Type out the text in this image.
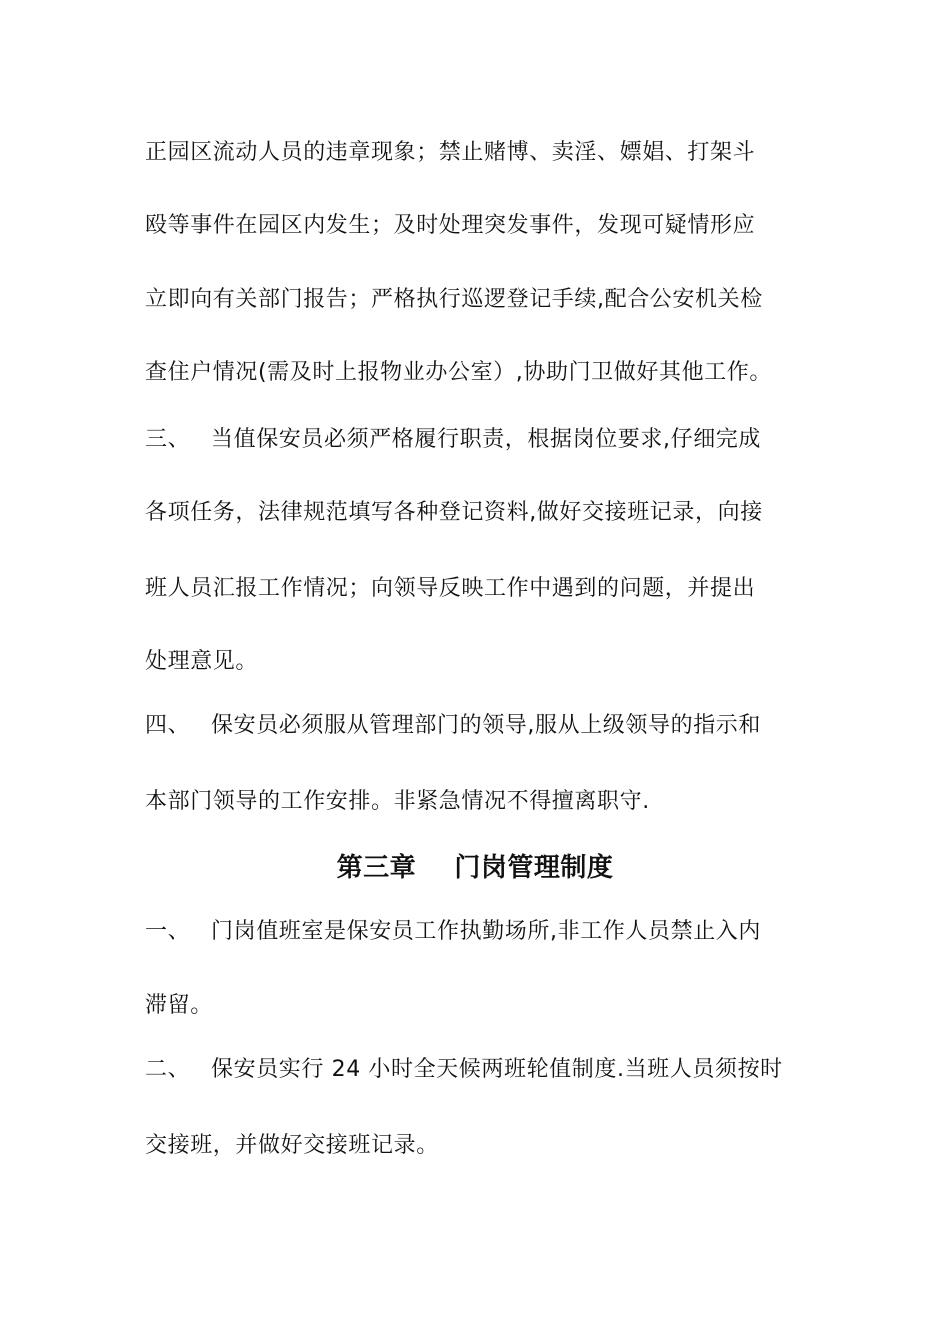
正园区流动人员的违章现象；禁止赌博、卖淫、嫖娼、打架斗
殴等事件在园区内发生；及时处理突发事件，发现可疑情形应
立即向有关部门报告；严格执行巡逻登记手续,配合公安机关检
查住户情况(需及时上报物业办公室）,协助门卫做好其他工作。
三、 当值保安员必须严格履行职责，根据岗位要求,仔细完成
各项任务，法律规范填写各种登记资料,做好交接班记录，向接
班人员汇报工作情况；向领导反映工作中遇到的问题，并提出
处理意见。
四、 保安员必须服从管理部门的领导,服从上级领导的指示和
本部门领导的工作安排。非紧急情况不得擅离职守.
第三章    门岗管理制度
一、 门岗值班室是保安员工作执勤场所,非工作人员禁止入内
滞留。
二、 保安员实行 24 小时全天候两班轮值制度.当班人员须按时
交接班，并做好交接班记录。
